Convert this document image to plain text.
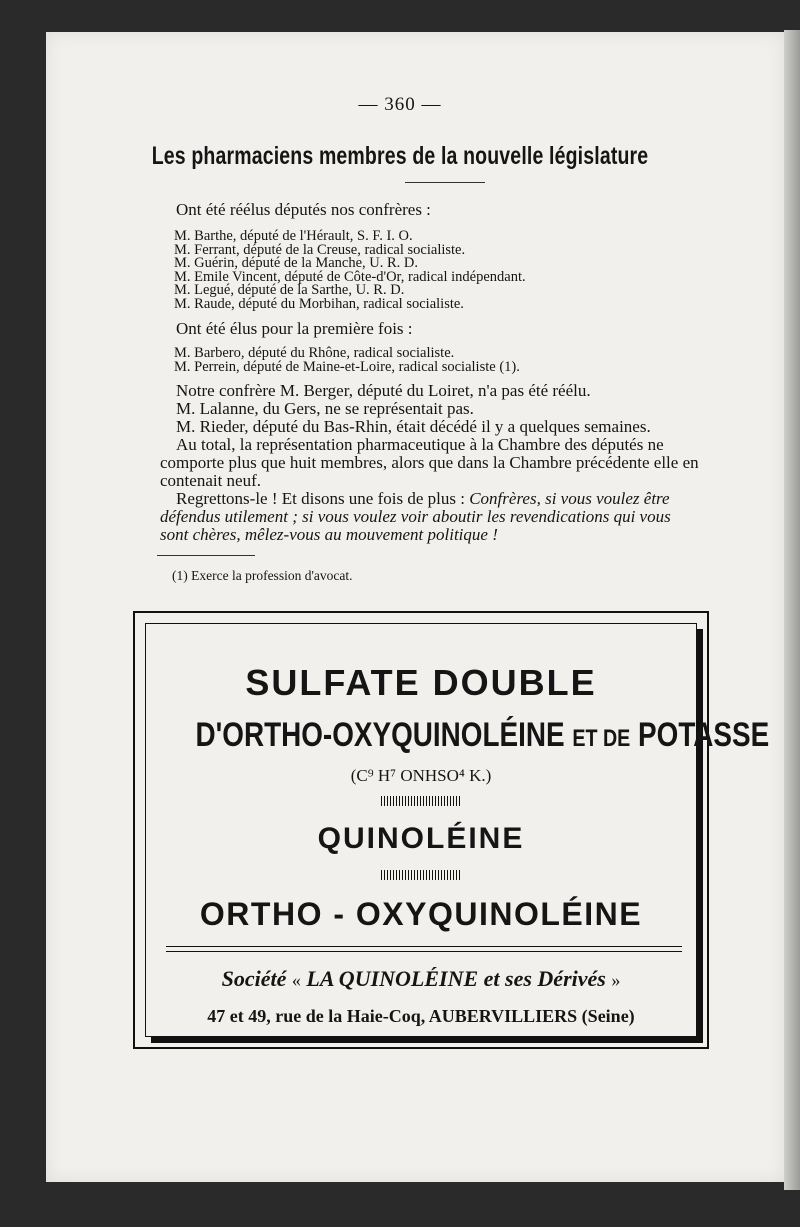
— 360 —
Les pharmaciens membres de la nouvelle législature
Ont été réélus députés nos confrères :

M. Barthe, député de l'Hérault, S. F. I. O.

M. Ferrant, député de la Creuse, radical socialiste.

M. Guérin, député de la Manche, U. R. D.

M. Emile Vincent, député de Côte-d'Or, radical indépendant.

M. Legué, député de la Sarthe, U. R. D.

M. Raude, député du Morbihan, radical socialiste.

Ont été élus pour la première fois :

M. Barbero, député du Rhône, radical socialiste.

M. Perrein, député de Maine-et-Loire, radical socialiste (1).

Notre confrère M. Berger, député du Loiret, n'a pas été réélu.

M. Lalanne, du Gers, ne se représentait pas.

M. Rieder, député du Bas-Rhin, était décédé il y a quelques semaines.

Au total, la représentation pharmaceutique à la Chambre des députés ne comporte plus que huit membres, alors que dans la Chambre précédente elle en contenait neuf.

Regrettons-le ! Et disons une fois de plus : Confrères, si vous voulez être défendus utilement ; si vous voulez voir aboutir les revendications qui vous sont chères, mêlez-vous au mouvement politique !

(1) Exerce la profession d'avocat.
SULFATE DOUBLE
D'ORTHO-OXYQUINOLÉINE ET DE POTASSE
(C⁹ H⁷ ONHSO⁴ K.)
QUINOLÉINE
ORTHO - OXYQUINOLÉINE
Société « LA QUINOLÉINE et ses Dérivés »
47 et 49, rue de la Haie-Coq, AUBERVILLIERS (Seine)
